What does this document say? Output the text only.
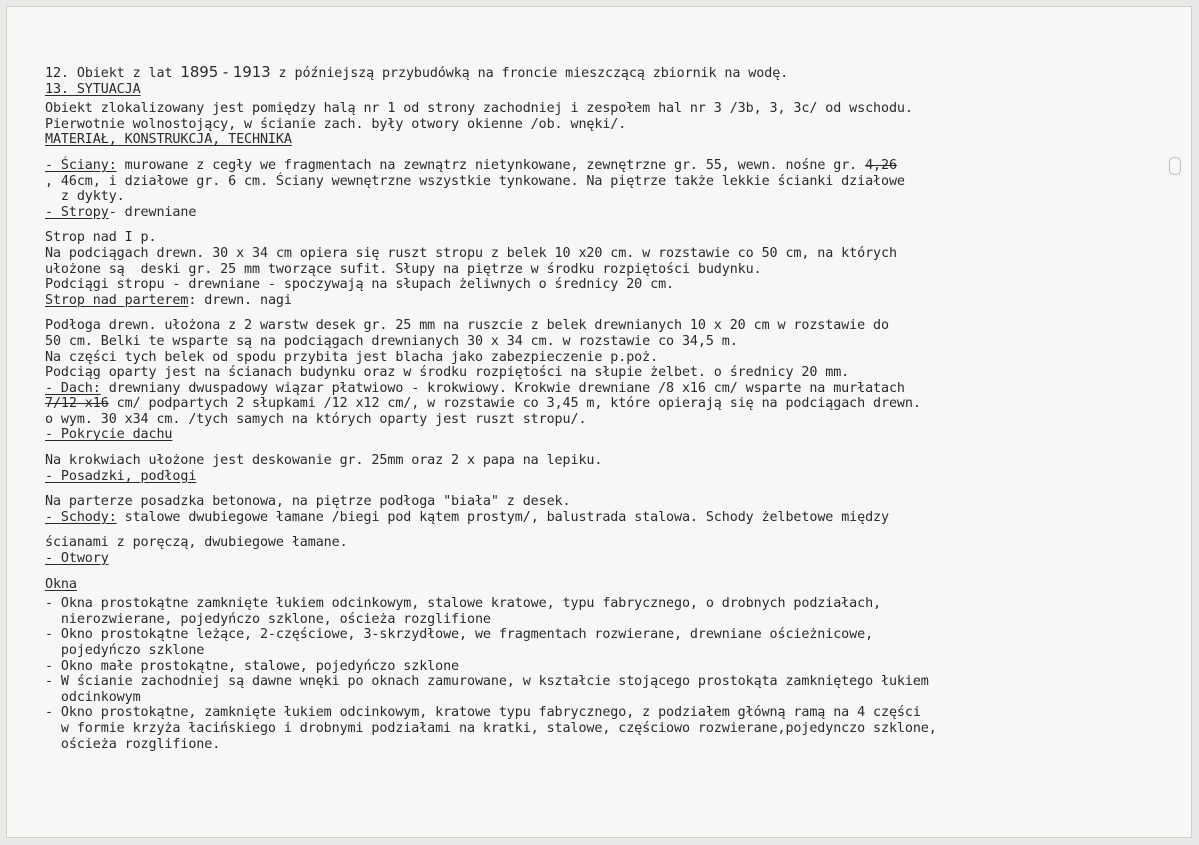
12. Obiekt z lat 1895 - 1913 z późniejszą przybudówką na froncie mieszczącą zbiornik na wodę.
13. SYTUACJA
Obiekt zlokalizowany jest pomiędzy halą nr 1 od strony zachodniej i zespołem hal nr 3 /3b, 3, 3c/ od wschodu.
Pierwotnie wolnostojący, w ścianie zach. były otwory okienne /ob. wnęki/.
MATERIAŁ, KONSTRUKCJA, TECHNIKA
- Ściany: murowane z cegły we fragmentach na zewnątrz nietynkowane, zewnętrzne gr. 55, wewn. nośne gr. 4,26
, 46cm, i działowe gr. 6 cm. Ściany wewnętrzne wszystkie tynkowane. Na piętrze także lekkie ścianki działowe
z dykty.
- Stropy- drewniane
Strop nad I p.
Na podciągach drewn. 30 x 34 cm opiera się ruszt stropu z belek 10 x20 cm. w rozstawie co 50 cm, na których
ułożone są  deski gr. 25 mm tworzące sufit. Słupy na piętrze w środku rozpiętości budynku.
Podciągi stropu - drewniane - spoczywają na słupach żeliwnych o średnicy 20 cm.
Strop nad parterem: drewn. nagi
Podłoga drewn. ułożona z 2 warstw desek gr. 25 mm na ruszcie z belek drewnianych 10 x 20 cm w rozstawie do
50 cm. Belki te wsparte są na podciągach drewnianych 30 x 34 cm. w rozstawie co 34,5 m.
Na części tych belek od spodu przybita jest blacha jako zabezpieczenie p.poż.
Podciąg oparty jest na ścianach budynku oraz w środku rozpiętości na słupie żelbet. o średnicy 20 mm.
- Dach: drewniany dwuspadowy wiązar płatwiowo - krokwiowy. Krokwie drewniane /8 x16 cm/ wsparte na murłatach
7/12 x16 cm/ podpartych 2 słupkami /12 x12 cm/, w rozstawie co 3,45 m, które opierają się na podciągach drewn.
o wym. 30 x34 cm. /tych samych na których oparty jest ruszt stropu/.
- Pokrycie dachu
Na krokwiach ułożone jest deskowanie gr. 25mm oraz 2 x papa na lepiku.
- Posadzki, podłogi
Na parterze posadzka betonowa, na piętrze podłoga "biała" z desek.
- Schody: stalowe dwubiegowe łamane /biegi pod kątem prostym/, balustrada stalowa. Schody żelbetowe między
ścianami z poręczą, dwubiegowe łamane.
- Otwory
Okna
- Okna prostokątne zamknięte łukiem odcinkowym, stalowe kratowe, typu fabrycznego, o drobnych podziałach,
nierozwierane, pojedyńczo szklone, ościeża rozglifione
- Okno prostokątne leżące, 2-częściowe, 3-skrzydłowe, we fragmentach rozwierane, drewniane ościeżnicowe,
pojedyńczo szklone
- Okno małe prostokątne, stalowe, pojedyńczo szklone
- W ścianie zachodniej są dawne wnęki po oknach zamurowane, w kształcie stojącego prostokąta zamkniętego łukiem
odcinkowym
- Okno prostokątne, zamknięte łukiem odcinkowym, kratowe typu fabrycznego, z podziałem główną ramą na 4 części
w formie krzyża łacińskiego i drobnymi podziałami na kratki, stalowe, częściowo rozwierane,pojedynczo szklone,
ościeża rozglifione.
